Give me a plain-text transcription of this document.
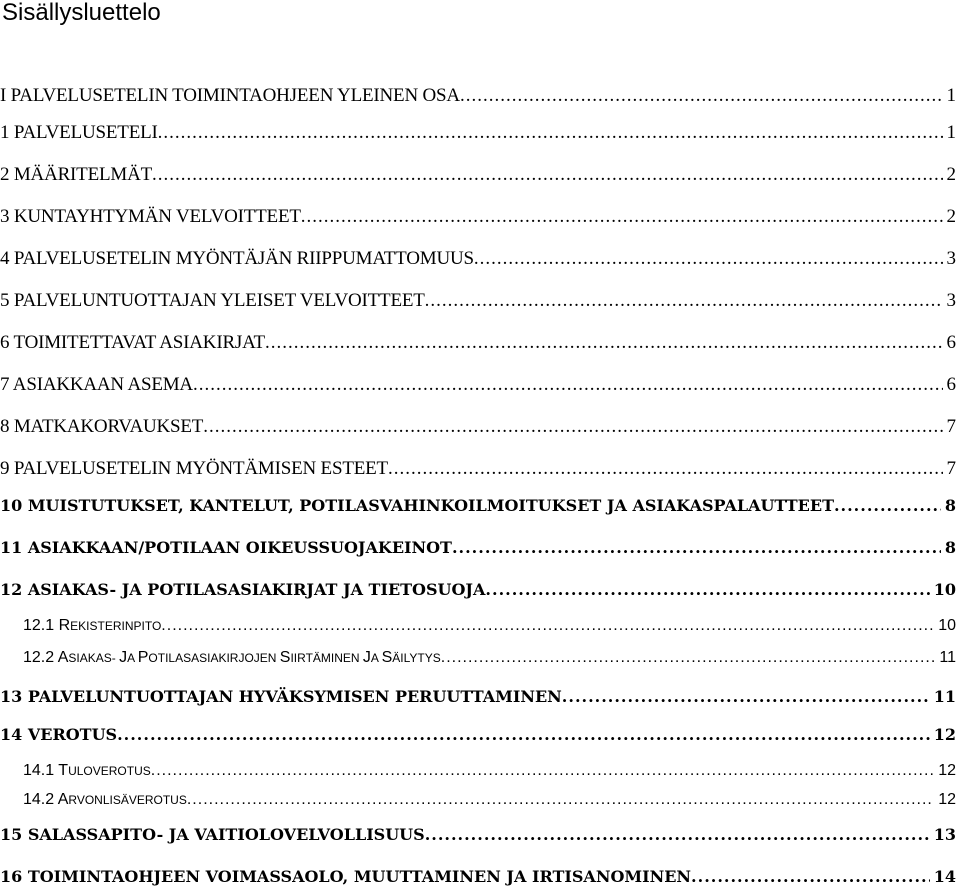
Sisällysluettelo
I PALVELUSETELIN TOIMINTAOHJEEN YLEINEN OSA .....	1
1 PALVELUSETELI .....	1
2 MÄÄRITELMÄT .....	2
3 KUNTAYHTYMÄN VELVOITTEET .....	2
4 PALVELUSETELIN MYÖNTÄJÄN RIIPPUMATTOMUUS .....	3
5 PALVELUNTUOTTAJAN YLEISET VELVOITTEET .....	3
6 TOIMITETTAVAT ASIAKIRJAT .....	6
7 ASIAKKAAN ASEMA .....	6
8 MATKAKORVAUKSET .....	7
9 PALVELUSETELIN MYÖNTÄMISEN ESTEET .....	7
10 MUISTUTUKSET, KANTELUT, POTILASVAHINKOILMOITUKSET JA ASIAKASPALAUTTEET .....	8
11 ASIAKKAAN/POTILAAN OIKEUSSUOJAKEINOT .....	8
12 ASIAKAS- JA POTILASASIAKIRJAT JA TIETOSUOJA .....	10
12.1 REKISTERINPITO .....	10
12.2 ASIAKAS- JA POTILASASIAKIRJOJEN SIIRTÄMINEN JA SÄILYTYS .....	11
13 PALVELUNTUOTTAJAN HYVÄKSYMISEN PERUUTTAMINEN .....	11
14 VEROTUS .....	12
14.1 TULOVEROTUS .....	12
14.2 ARVONLISÄVEROTUS .....	12
15 SALASSAPITO- JA VAITIOLOVELVOLLISUUS .....	13
16 TOIMINTAOHJEEN VOIMASSAOLO, MUUTTAMINEN JA IRTISANOMINEN .....	14
